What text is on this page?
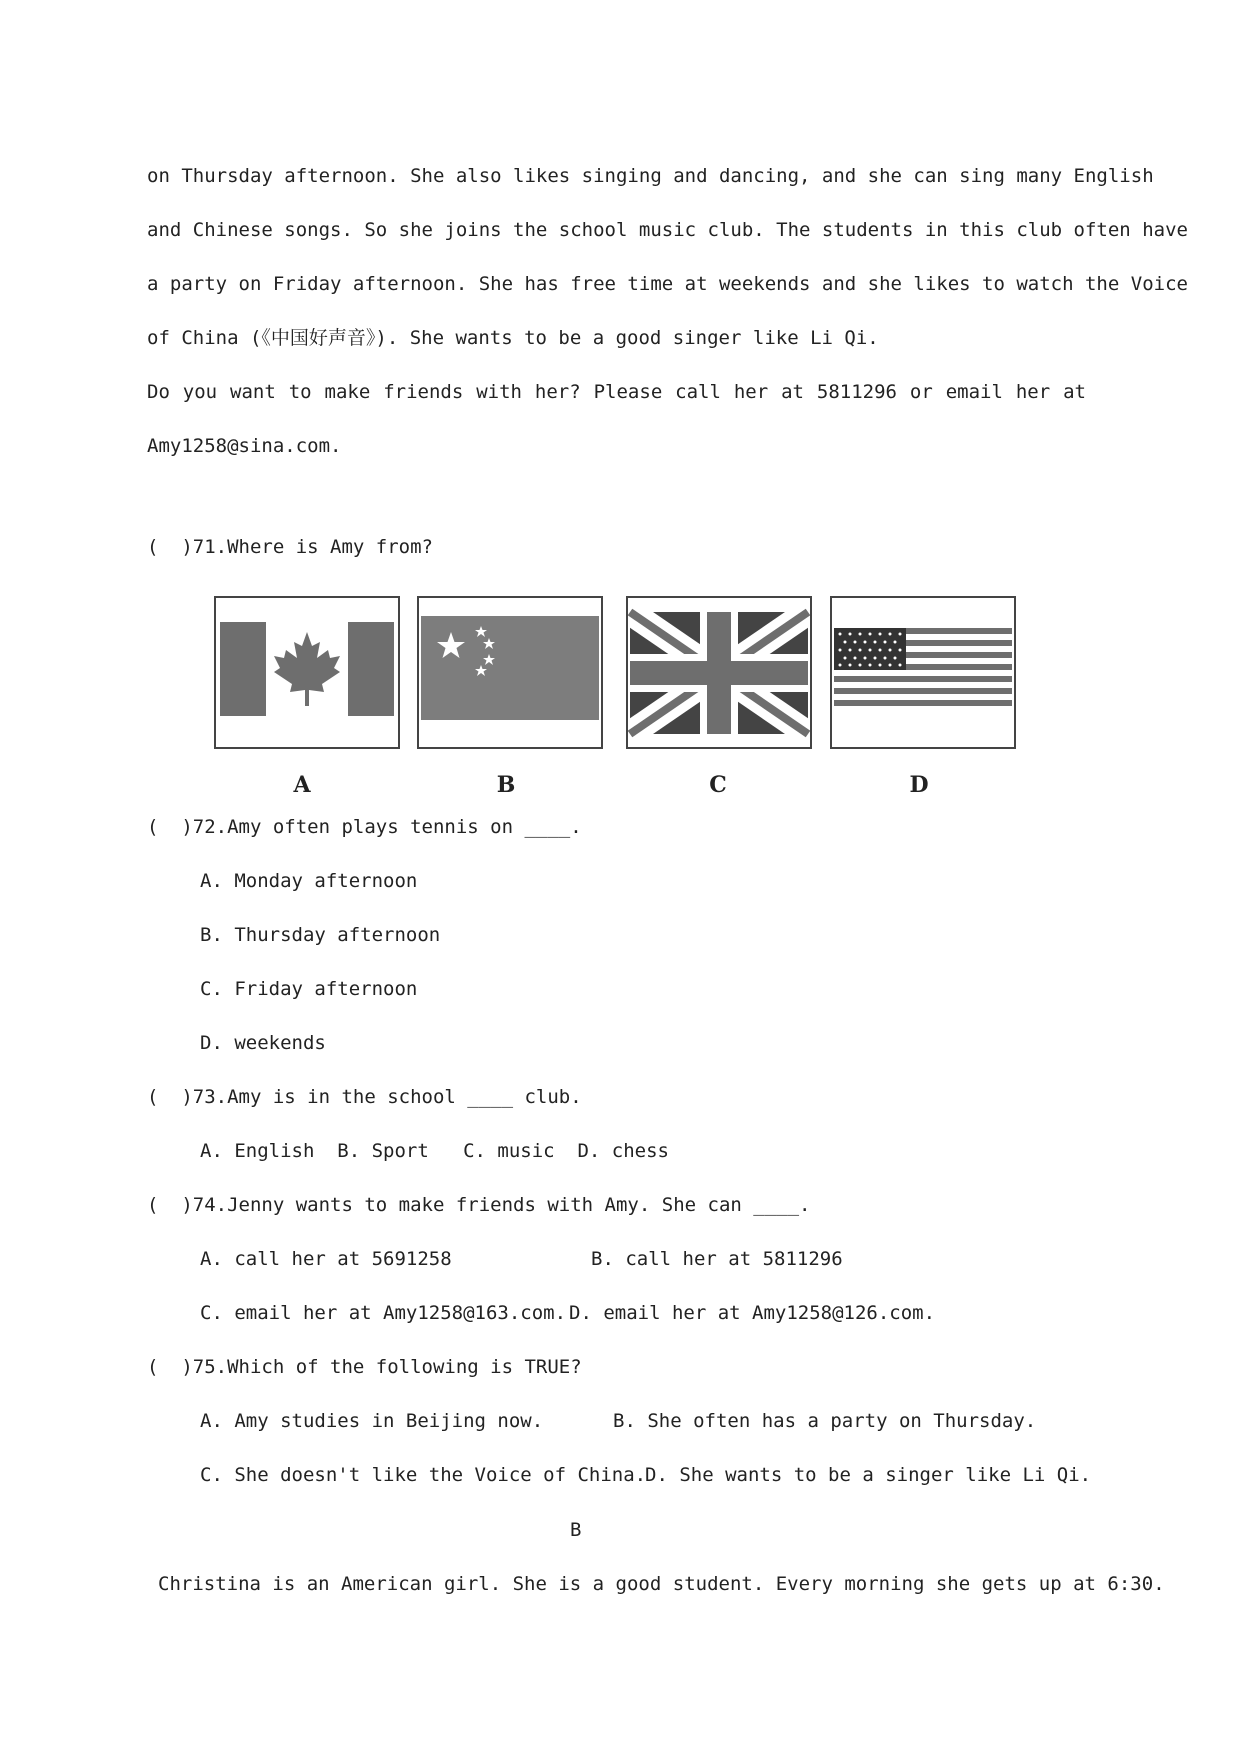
on Thursday afternoon. She also likes singing and dancing, and she can sing many English
and Chinese songs. So she joins the school music club. The students in this club often have
a party on Friday afternoon. She has free time at weekends and she likes to watch the Voice
of China (《中国好声音》). She wants to be a good singer like Li Qi.
Do you want to make friends with her? Please call her at 5811296 or email her at
Amy1258@sina.com.
(  )71.Where is Amy from?
A	B	C	D
(  )72.Amy often plays tennis on ____.
A. Monday afternoon
B. Thursday afternoon
C. Friday afternoon
D. weekends
(  )73.Amy is in the school ____ club.
A. English  B. Sport   C. music  D. chess
(  )74.Jenny wants to make friends with Amy. She can ____.
A. call her at 5691258	B. call her at 5811296
C. email her at Amy1258@163.com. D. email her at Amy1258@126.com.
(  )75.Which of the following is TRUE?
A. Amy studies in Beijing now.	B. She often has a party on Thursday.
C. She doesn't like the Voice of China.
D. She wants to be a singer like Li Qi.
B
Christina is an American girl. She is a good student. Every morning she gets up at 6:30.
